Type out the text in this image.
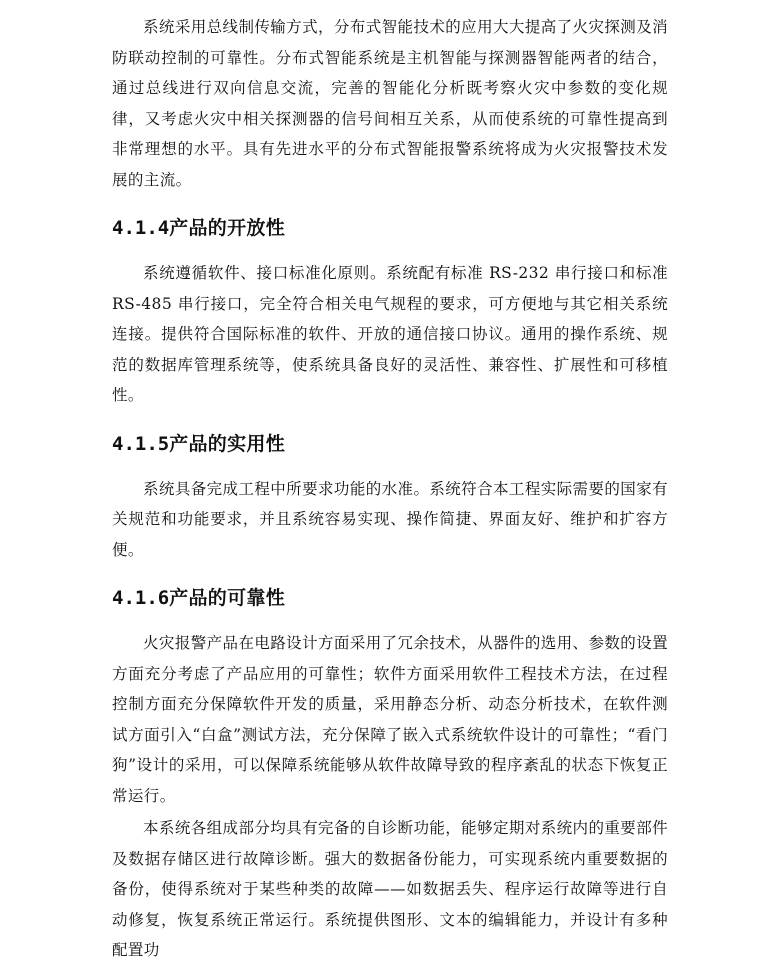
系统采用总线制传输方式，分布式智能技术的应用大大提高了火灾探测及消防联动控制的可靠性。分布式智能系统是主机智能与探测器智能两者的结合，通过总线进行双向信息交流，完善的智能化分析既考察火灾中参数的变化规律，又考虑火灾中相关探测器的信号间相互关系，从而使系统的可靠性提高到非常理想的水平。具有先进水平的分布式智能报警系统将成为火灾报警技术发展的主流。

4.1.4产品的开放性

系统遵循软件、接口标准化原则。系统配有标准 RS-232 串行接口和标准 RS-485 串行接口，完全符合相关电气规程的要求，可方便地与其它相关系统连接。提供符合国际标准的软件、开放的通信接口协议。通用的操作系统、规范的数据库管理系统等，使系统具备良好的灵活性、兼容性、扩展性和可移植性。

4.1.5产品的实用性

系统具备完成工程中所要求功能的水准。系统符合本工程实际需要的国家有关规范和功能要求，并且系统容易实现、操作简捷、界面友好、维护和扩容方便。

4.1.6产品的可靠性

火灾报警产品在电路设计方面采用了冗余技术，从器件的选用、参数的设置方面充分考虑了产品应用的可靠性；软件方面采用软件工程技术方法，在过程控制方面充分保障软件开发的质量，采用静态分析、动态分析技术，在软件测试方面引入“白盒”测试方法，充分保障了嵌入式系统软件设计的可靠性；“看门狗”设计的采用，可以保障系统能够从软件故障导致的程序紊乱的状态下恢复正常运行。

本系统各组成部分均具有完备的自诊断功能，能够定期对系统内的重要部件及数据存储区进行故障诊断。强大的数据备份能力，可实现系统内重要数据的备份，使得系统对于某些种类的故障——如数据丢失、程序运行故障等进行自动修复，恢复系统正常运行。系统提供图形、文本的编辑能力，并设计有多种配置功
